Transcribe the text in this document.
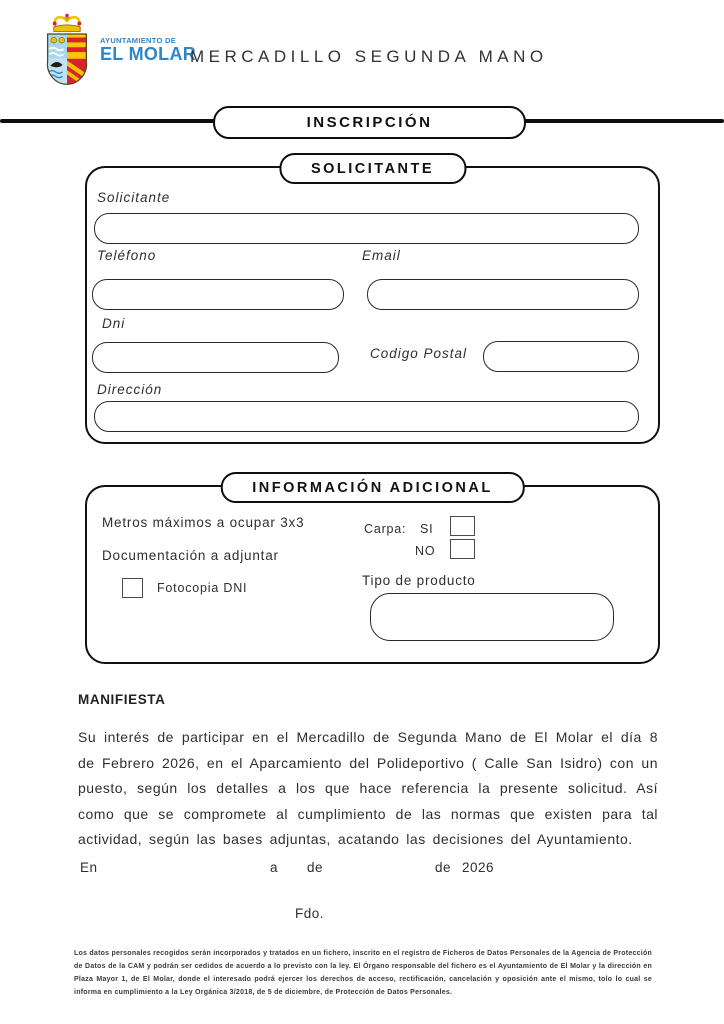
AYUNTAMIENTO DE
EL MOLAR
MERCADILLO SEGUNDA MANO
INSCRIPCIÓN
SOLICITANTE
Solicitante
Teléfono	Email
Dni
Codigo Postal
Dirección
INFORMACIÓN ADICIONAL
Metros máximos a ocupar 3x3	Carpa: SI
NO
Documentación a adjuntar
Fotocopia DNI	Tipo de producto
MANIFIESTA

Su interés de participar en el Mercadillo de Segunda Mano de El Molar el día 8 de Febrero 2026, en el Aparcamiento del Polideportivo ( Calle San Isidro) con un puesto, según los detalles a los que hace referencia la presente solicitud. Así como que se compromete al cumplimiento de las normas que existen para tal actividad, según las bases adjuntas, acatando las decisiones del Ayuntamiento.

En	a de	de 2026
Fdo.

Los datos personales recogidos serán incorporados y tratados en un fichero, inscrito en el registro de Ficheros de Datos Personales de la Agencia de Protección de Datos de la CAM y podrán ser cedidos de acuerdo a lo previsto con la ley. El Órgano responsable del fichero es el Ayuntamiento de El Molar y la dirección en Plaza Mayor 1, de El Molar, donde el interesado podrá ejercer los derechos de acceso, rectificación, cancelación y oposición ante el mismo, tolo lo cual se informa en cumplimiento a la Ley Orgánica 3/2018, de 5 de diciembre, de Protección de Datos Personales.
